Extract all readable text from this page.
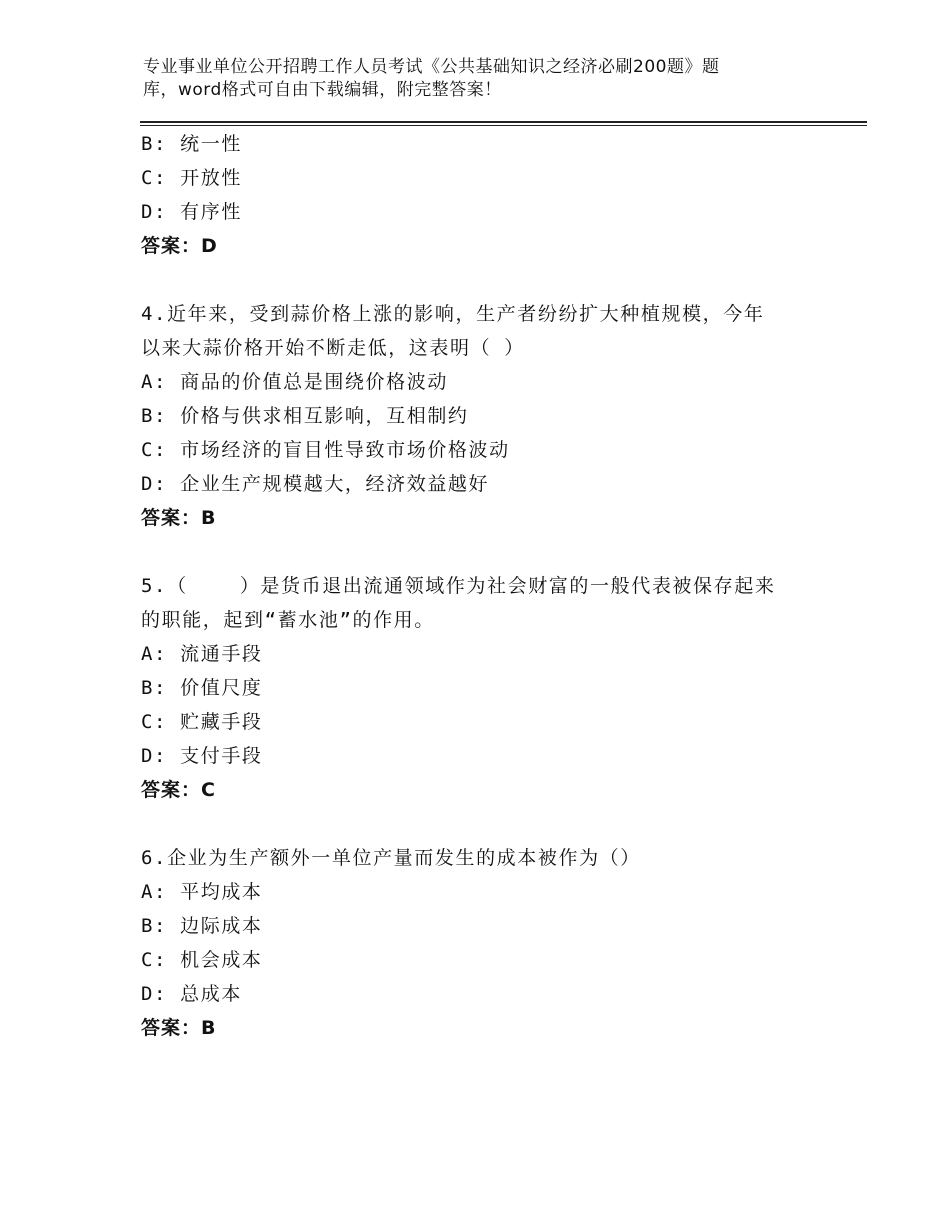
专业事业单位公开招聘工作人员考试《公共基础知识之经济必刷200题》题
库，word格式可自由下载编辑，附完整答案！
B: 统一性
C: 开放性
D: 有序性
答案：D
4.近年来，受到蒜价格上涨的影响，生产者纷纷扩大种植规模，今年
以来大蒜价格开始不断走低，这表明（ ）
A: 商品的价值总是围绕价格波动
B: 价格与供求相互影响，互相制约
C: 市场经济的盲目性导致市场价格波动
D: 企业生产规模越大，经济效益越好
答案：B
5.（    ）是货币退出流通领域作为社会财富的一般代表被保存起来
的职能，起到“蓄水池”的作用。
A: 流通手段
B: 价值尺度
C: 贮藏手段
D: 支付手段
答案：C
6.企业为生产额外一单位产量而发生的成本被作为（）
A: 平均成本
B: 边际成本
C: 机会成本
D: 总成本
答案：B
